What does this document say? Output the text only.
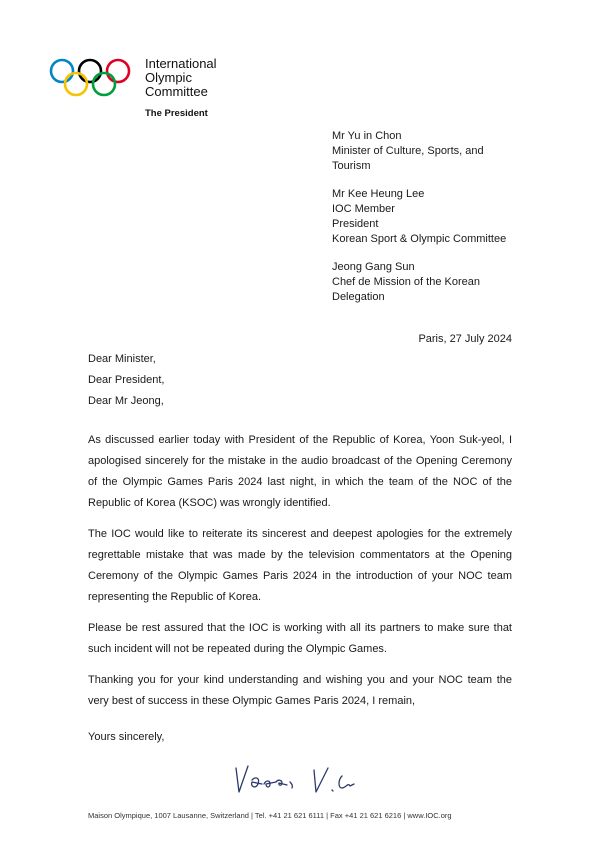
International
Olympic
Committee
The President
Mr Yu in Chon
Minister of Culture, Sports, and
Tourism
Mr Kee Heung Lee
IOC Member
President
Korean Sport & Olympic Committee
Jeong Gang Sun
Chef de Mission of the Korean
Delegation
Paris, 27 July 2024
Dear Minister,
Dear President,
Dear Mr Jeong,

As discussed earlier today with President of the Republic of Korea, Yoon Suk-yeol, I apologised sincerely for the mistake in the audio broadcast of the Opening Ceremony of the Olympic Games Paris 2024 last night, in which the team of the NOC of the Republic of Korea (KSOC) was wrongly identified.

The IOC would like to reiterate its sincerest and deepest apologies for the extremely regrettable mistake that was made by the television commentators at the Opening Ceremony of the Olympic Games Paris 2024 in the introduction of your NOC team representing the Republic of Korea.

Please be rest assured that the IOC is working with all its partners to make sure that such incident will not be repeated during the Olympic Games.

Thanking you for your kind understanding and wishing you and your NOC team the very best of success in these Olympic Games Paris 2024, I remain,

Yours sincerely,
Maison Olympique, 1007 Lausanne, Switzerland | Tel. +41 21 621 6111 | Fax +41 21 621 6216 | www.IOC.org
